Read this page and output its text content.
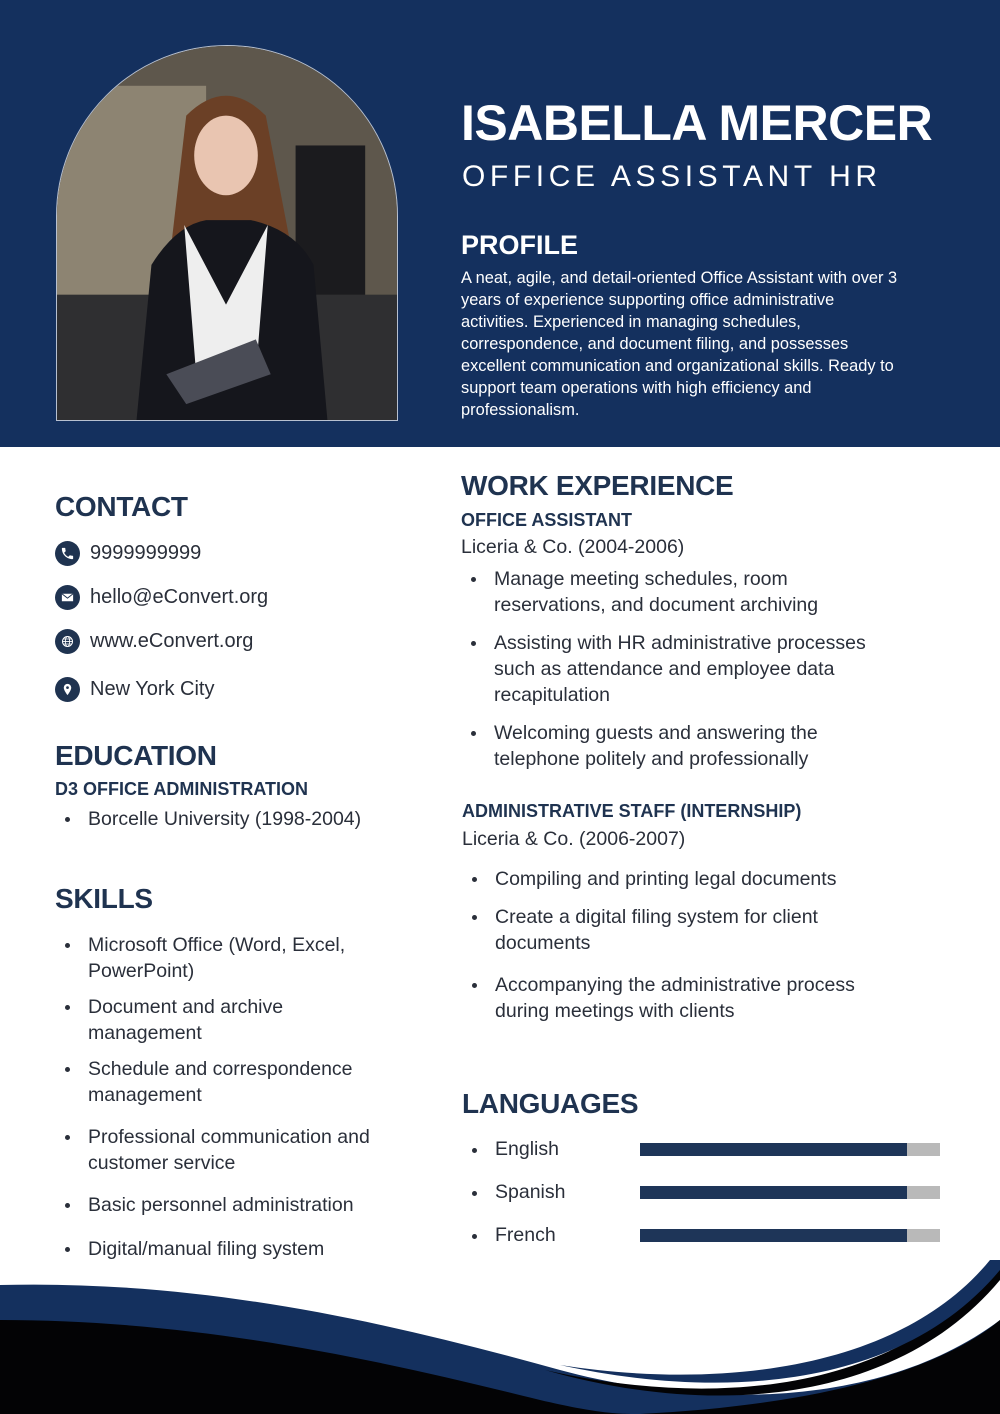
ISABELLA MERCER
OFFICE ASSISTANT HR
PROFILE
A neat, agile, and detail-oriented Office Assistant with over 3 years of experience supporting office administrative activities. Experienced in managing schedules, correspondence, and document filing, and possesses excellent communication and organizational skills. Ready to support team operations with high efficiency and professionalism.
CONTACT
9999999999
hello@eConvert.org
www.eConvert.org
New York City
EDUCATION
D3 OFFICE ADMINISTRATION
Borcelle University (1998-2004)
SKILLS
Microsoft Office (Word, Excel, PowerPoint)
Document and archive management
Schedule and correspondence management
Professional communication and customer service
Basic personnel administration
Digital/manual filing system
WORK EXPERIENCE
OFFICE ASSISTANT
Liceria & Co. (2004-2006)
Manage meeting schedules, room reservations, and document archiving
Assisting with HR administrative processes such as attendance and employee data recapitulation
Welcoming guests and answering the telephone politely and professionally
ADMINISTRATIVE STAFF (INTERNSHIP)
Liceria & Co. (2006-2007)
Compiling and printing legal documents
Create a digital filing system for client documents
Accompanying the administrative process during meetings with clients
LANGUAGES
English
Spanish
French
